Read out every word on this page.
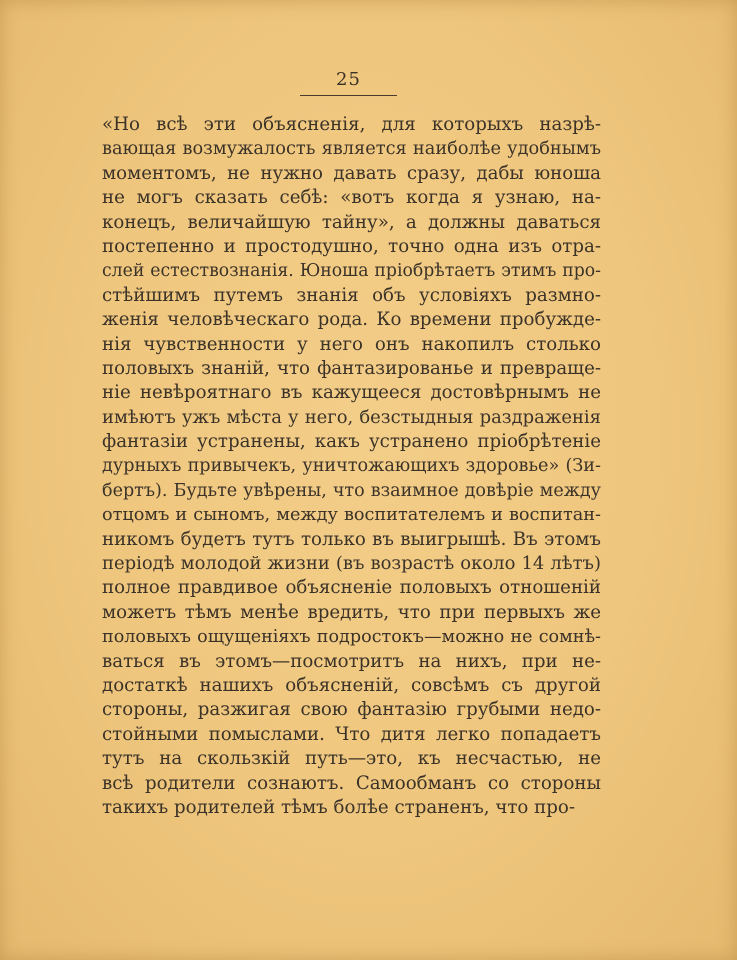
25
«Но всѣ эти объясненія, для которыхъ назрѣ-
вающая возмужалость является наиболѣе удобнымъ
моментомъ, не нужно давать сразу, дабы юноша
не могъ сказать себѣ: «вотъ когда я узнаю, на-
конецъ, величайшую тайну», а должны даваться
постепенно и простодушно, точно одна изъ отра-
слей естествознанія. Юноша пріобрѣтаетъ этимъ про-
стѣйшимъ путемъ знанія объ условіяхъ размно-
женія человѣческаго рода. Ко времени пробужде-
нія чувственности у него онъ накопилъ столько
половыхъ знаній, что фантазированье и превраще-
ніе невѣроятнаго въ кажущееся достовѣрнымъ не
имѣютъ ужъ мѣста у него, безстыдныя раздраженія
фантазіи устранены, какъ устранено пріобрѣтеніе
дурныхъ привычекъ, уничтожающихъ здоровье» (Зи-
бертъ). Будьте увѣрены, что взаимное довѣріе между
отцомъ и сыномъ, между воспитателемъ и воспитан-
никомъ будетъ тутъ только въ выигрышѣ. Въ этомъ
періодѣ молодой жизни (въ возрастѣ около 14 лѣтъ)
полное правдивое объясненіе половыхъ отношеній
можетъ тѣмъ менѣе вредить, что при первыхъ же
половыхъ ощущеніяхъ подростокъ—можно не сомнѣ-
ваться въ этомъ—посмотритъ на нихъ, при не-
достаткѣ нашихъ объясненій, совсѣмъ съ другой
стороны, разжигая свою фантазію грубыми недо-
стойными помыслами. Что дитя легко попадаетъ
тутъ на скользкій путь—это, къ несчастью, не
всѣ родители сознаютъ. Самообманъ со стороны
такихъ родителей тѣмъ болѣе страненъ, что про-
